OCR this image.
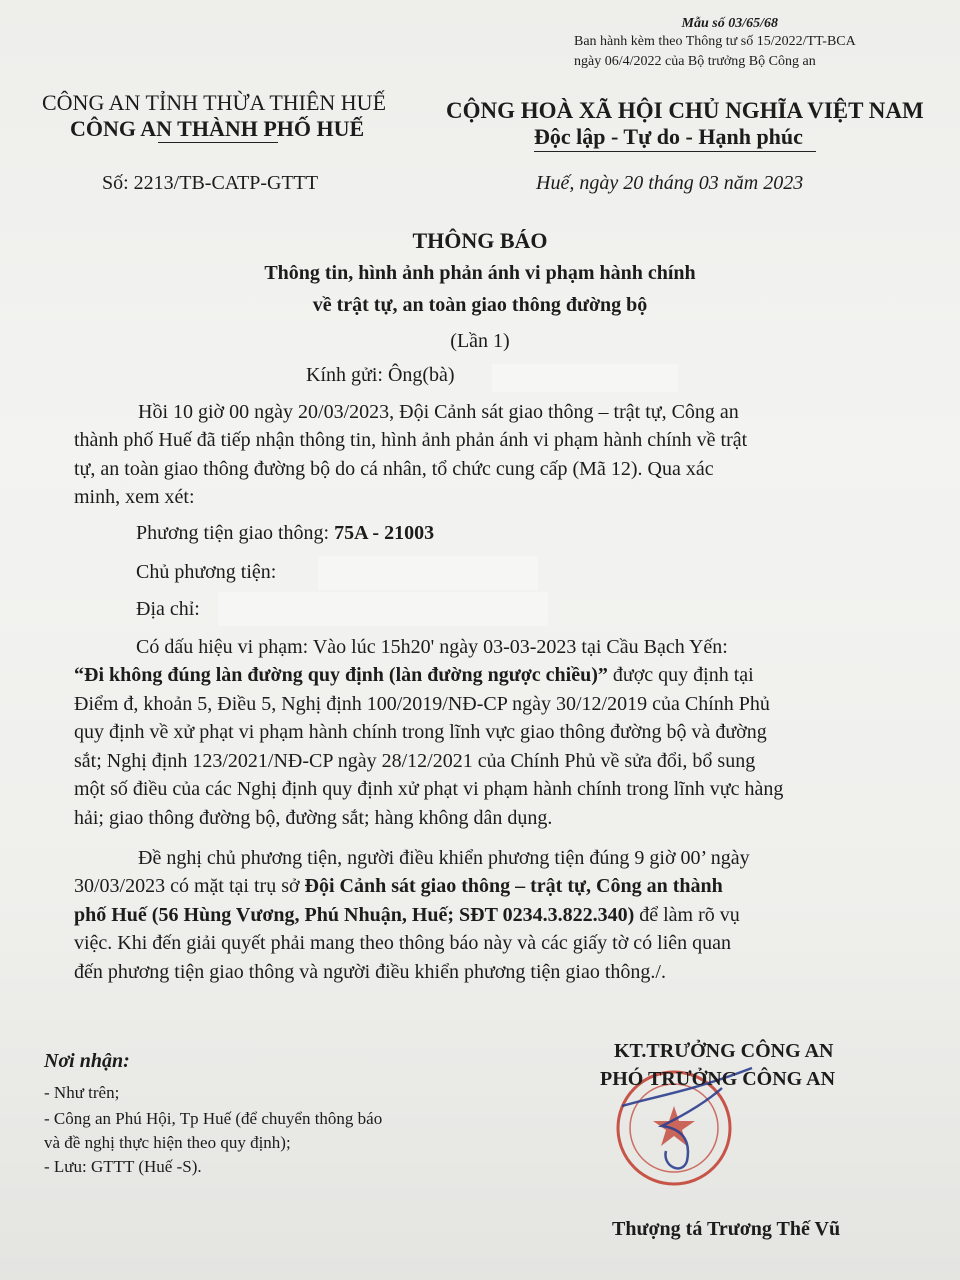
Mẫu số 03/65/68
Ban hành kèm theo Thông tư số 15/2022/TT-BCA
ngày 06/4/2022 của Bộ trưởng Bộ Công an
CÔNG AN TỈNH THỪA THIÊN HUẾ
CÔNG AN THÀNH PHỐ HUẾ
CỘNG HOÀ XÃ HỘI CHỦ NGHĨA VIỆT NAM
Độc lập - Tự do - Hạnh phúc
Số: 2213/TB-CATP-GTTT	Huế, ngày 20 tháng 03 năm 2023
THÔNG BÁO
Thông tin, hình ảnh phản ánh vi phạm hành chính
về trật tự, an toàn giao thông đường bộ
(Lần 1)
Kính gửi: Ông(bà)
Hồi 10 giờ 00 ngày 20/03/2023, Đội Cảnh sát giao thông – trật tự, Công an
thành phố Huế đã tiếp nhận thông tin, hình ảnh phản ánh vi phạm hành chính về trật
tự, an toàn giao thông đường bộ do cá nhân, tổ chức cung cấp (Mã 12). Qua xác
minh, xem xét:
Phương tiện giao thông: 75A - 21003
Chủ phương tiện:
Địa chỉ:
Có dấu hiệu vi phạm: Vào lúc 15h20' ngày 03-03-2023 tại Cầu Bạch Yến:
“Đi không đúng làn đường quy định (làn đường ngược chiều)” được quy định tại
Điểm đ, khoản 5, Điều 5, Nghị định 100/2019/NĐ-CP ngày 30/12/2019 của Chính Phủ
quy định về xử phạt vi phạm hành chính trong lĩnh vực giao thông đường bộ và đường
sắt; Nghị định 123/2021/NĐ-CP ngày 28/12/2021 của Chính Phủ về sửa đổi, bổ sung
một số điều của các Nghị định quy định xử phạt vi phạm hành chính trong lĩnh vực hàng
hải; giao thông đường bộ, đường sắt; hàng không dân dụng.
Đề nghị chủ phương tiện, người điều khiển phương tiện đúng 9 giờ 00’ ngày
30/03/2023 có mặt tại trụ sở Đội Cảnh sát giao thông – trật tự, Công an thành
phố Huế (56 Hùng Vương, Phú Nhuận, Huế; SĐT 0234.3.822.340) để làm rõ vụ
việc. Khi đến giải quyết phải mang theo thông báo này và các giấy tờ có liên quan
đến phương tiện giao thông và người điều khiển phương tiện giao thông./.
Nơi nhận:
- Như trên;
- Công an Phú Hội, Tp Huế (để chuyển thông báo
và đề nghị thực hiện theo quy định);
- Lưu: GTTT (Huế -S).
KT.TRƯỞNG CÔNG AN
PHÓ TRƯỞNG CÔNG AN
Thượng tá Trương Thế Vũ
